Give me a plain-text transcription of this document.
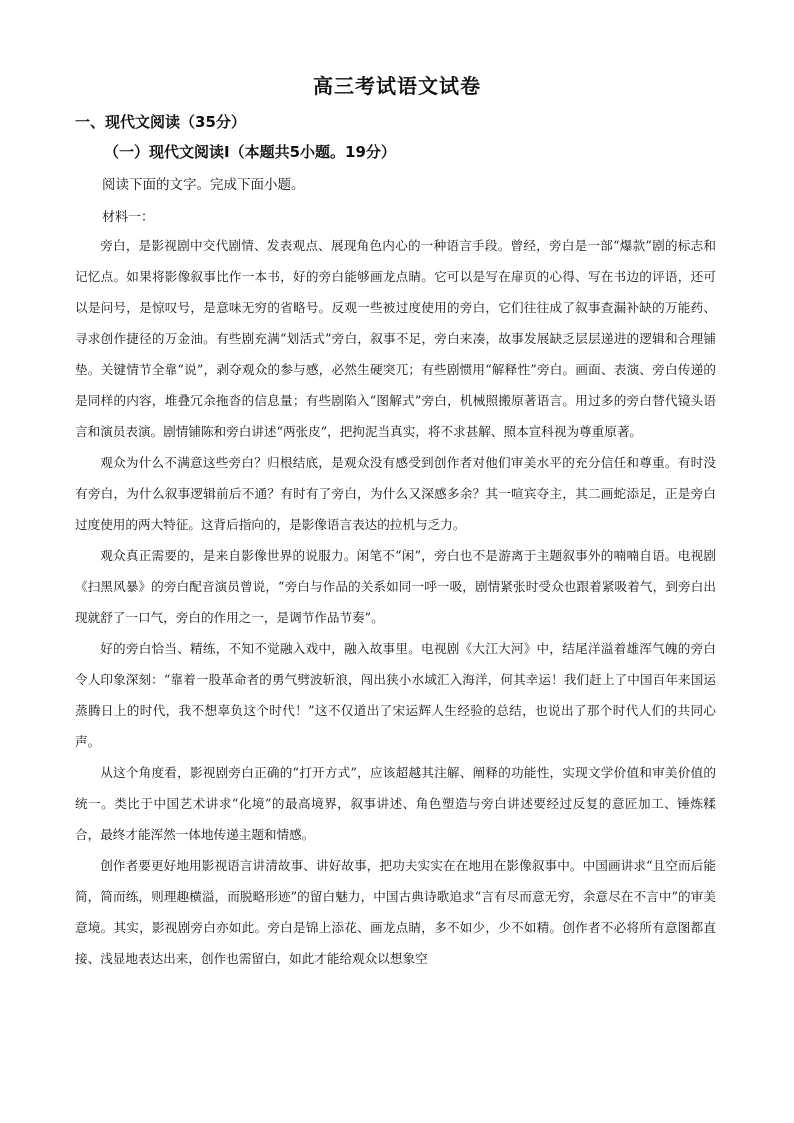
高三考试语文试卷
一、现代文阅读（35分）
（一）现代文阅读Ⅰ（本题共5小题。19分）
阅读下面的文字。完成下面小题。
材料一：

旁白，是影视剧中交代剧情、发表观点、展现角色内心的一种语言手段。曾经，旁白是一部“爆款”剧的标志和记忆点。如果将影像叙事比作一本书，好的旁白能够画龙点睛。它可以是写在扉页的心得、写在书边的评语，还可以是问号，是惊叹号，是意味无穷的省略号。反观一些被过度使用的旁白，它们往往成了叙事查漏补缺的万能药、寻求创作捷径的万金油。有些剧充满“划活式”旁白，叙事不足，旁白来凑，故事发展缺乏层层递进的逻辑和合理铺垫。关键情节全靠“说”，剥夺观众的参与感，必然生硬突兀；有些剧惯用“解释性”旁白。画面、表演、旁白传递的是同样的内容，堆叠冗余拖沓的信息量；有些剧陷入“图解式”旁白，机械照搬原著语言。用过多的旁白替代镜头语言和演员表演。剧情铺陈和旁白讲述“两张皮”，把拘泥当真实，将不求甚解、照本宣科视为尊重原著。

观众为什么不满意这些旁白？归根结底，是观众没有感受到创作者对他们审美水平的充分信任和尊重。有时没有旁白，为什么叙事逻辑前后不通？有时有了旁白，为什么又深感多余？其一喧宾夺主，其二画蛇添足，正是旁白过度使用的两大特征。这背后指向的，是影像语言表达的拉机与乏力。

观众真正需要的，是来自影像世界的说服力。闲笔不“闲”，旁白也不是游离于主题叙事外的喃喃自语。电视剧《扫黑风暴》的旁白配音演员曾说，“旁白与作品的关系如同一呼一吸，剧情紧张时受众也跟着紧吸着气，到旁白出现就舒了一口气，旁白的作用之一，是调节作品节奏”。

好的旁白恰当、精练，不知不觉融入戏中，融入故事里。电视剧《大江大河》中，结尾洋溢着雄浑气魄的旁白令人印象深刻：“靠着一股革命者的勇气劈波斩浪，闯出狭小水域汇入海洋，何其幸运！我们赶上了中国百年来国运蒸腾日上的时代，我不想辜负这个时代！”这不仅道出了宋运辉人生经验的总结，也说出了那个时代人们的共同心声。

从这个角度看，影视剧旁白正确的“打开方式”，应该超越其注解、阐释的功能性，实现文学价值和审美价值的统一。类比于中国艺术讲求“化境”的最高境界，叙事讲述、角色塑造与旁白讲述要经过反复的意匠加工、锤炼糅合，最终才能浑然一体地传递主题和情感。

创作者要更好地用影视语言讲清故事、讲好故事，把功夫实实在在地用在影像叙事中。中国画讲求“且空而后能简，简而练，则理趣横溢，而脱略形迹”的留白魅力，中国古典诗歌追求“言有尽而意无穷，余意尽在不言中”的审美意境。其实，影视剧旁白亦如此。旁白是锦上添花、画龙点睛，多不如少，少不如精。创作者不必将所有意图都直接、浅显地表达出来，创作也需留白，如此才能给观众以想象空
